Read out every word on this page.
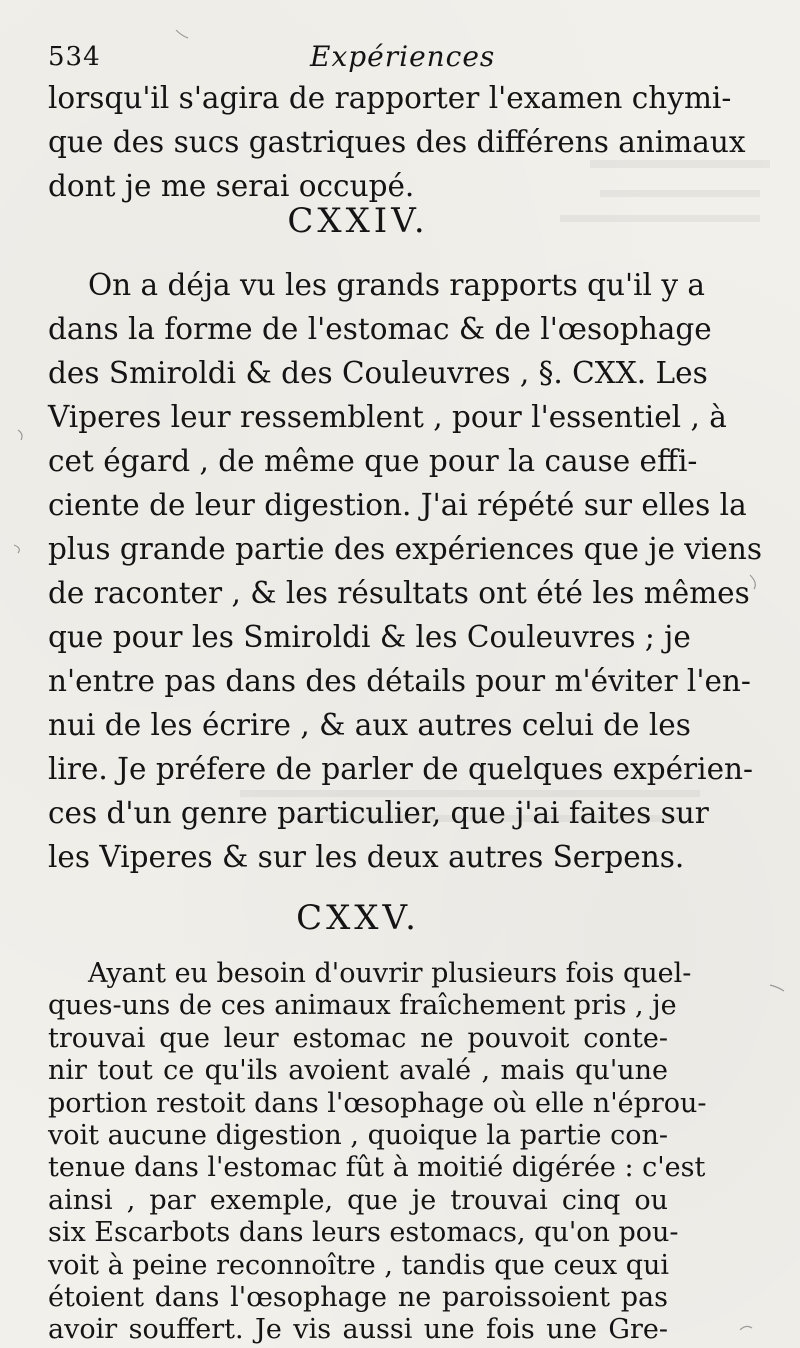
534	Expériences
lorsqu'il s'agira de rapporter l'examen chymi-
que des sucs gastriques des différens animaux
dont je me serai occupé.
CXXIV.
On a déja vu les grands rapports qu'il y a
dans la forme de l'estomac & de l'œsophage
des Smiroldi & des Couleuvres , §. CXX. Les
Viperes leur ressemblent , pour l'essentiel , à
cet égard , de même que pour la cause effi-
ciente de leur digestion. J'ai répété sur elles la
plus grande partie des expériences que je viens
de raconter , & les résultats ont été les mêmes
que pour les Smiroldi & les Couleuvres ; je
n'entre pas dans des détails pour m'éviter l'en-
nui de les écrire , & aux autres celui de les
lire. Je préfere de parler de quelques expérien-
ces d'un genre particulier, que j'ai faites sur
les Viperes & sur les deux autres Serpens.
CXXV.
Ayant eu besoin d'ouvrir plusieurs fois quel-
ques-uns de ces animaux fraîchement pris , je
trouvai que leur estomac ne pouvoit conte-
nir tout ce qu'ils avoient avalé , mais qu'une
portion restoit dans l'œsophage où elle n'éprou-
voit aucune digestion , quoique la partie con-
tenue dans l'estomac fût à moitié digérée : c'est
ainsi , par exemple, que je trouvai cinq ou
six Escarbots dans leurs estomacs, qu'on pou-
voit à peine reconnoître , tandis que ceux qui
étoient dans l'œsophage ne paroissoient pas
avoir souffert. Je vis aussi une fois une Gre-
